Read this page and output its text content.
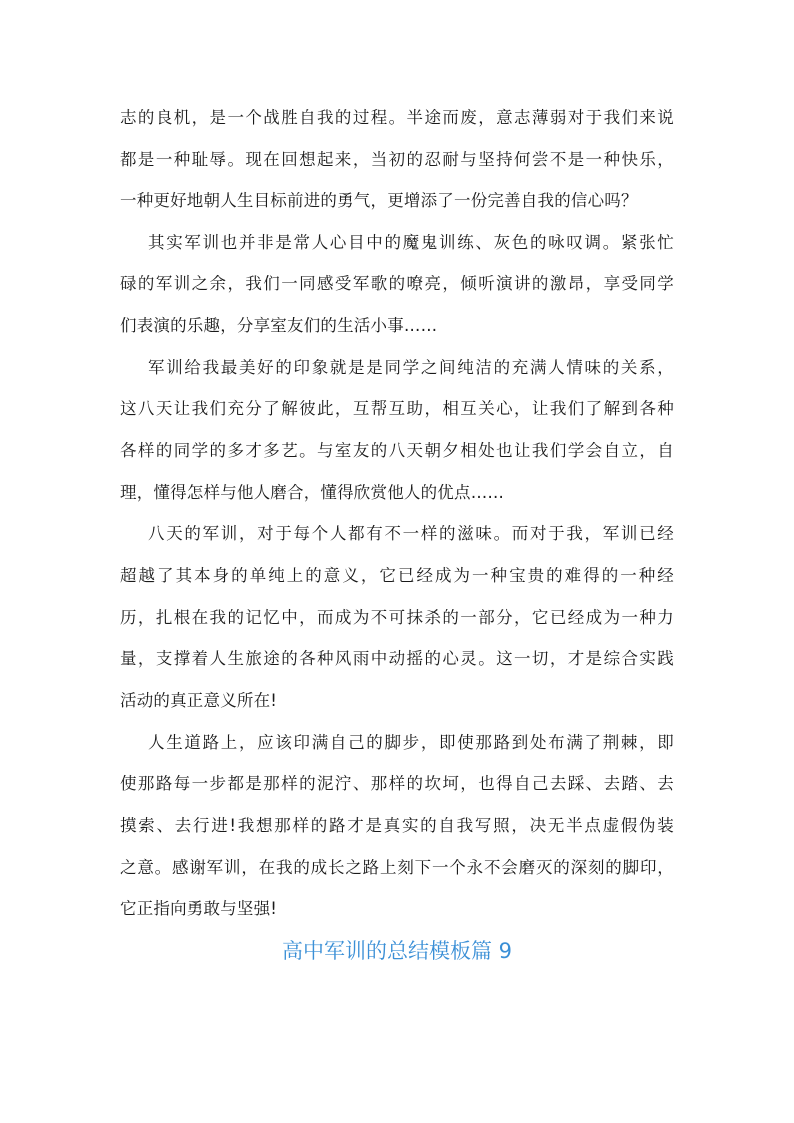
志的良机，是一个战胜自我的过程。半途而废，意志薄弱对于我们来说
都是一种耻辱。现在回想起来，当初的忍耐与坚持何尝不是一种快乐，
一种更好地朝人生目标前进的勇气，更增添了一份完善自我的信心吗？
其实军训也并非是常人心目中的魔鬼训练、灰色的咏叹调。紧张忙
碌的军训之余，我们一同感受军歌的嘹亮，倾听演讲的激昂，享受同学
们表演的乐趣，分享室友们的生活小事……
军训给我最美好的印象就是是同学之间纯洁的充满人情味的关系，
这八天让我们充分了解彼此，互帮互助，相互关心，让我们了解到各种
各样的同学的多才多艺。与室友的八天朝夕相处也让我们学会自立，自
理，懂得怎样与他人磨合，懂得欣赏他人的优点……
八天的军训，对于每个人都有不一样的滋味。而对于我，军训已经
超越了其本身的单纯上的意义，它已经成为一种宝贵的难得的一种经
历，扎根在我的记忆中，而成为不可抹杀的一部分，它已经成为一种力
量，支撑着人生旅途的各种风雨中动摇的心灵。这一切，才是综合实践
活动的真正意义所在!
人生道路上，应该印满自己的脚步，即使那路到处布满了荆棘，即
使那路每一步都是那样的泥泞、那样的坎坷，也得自己去踩、去踏、去
摸索、去行进!我想那样的路才是真实的自我写照，决无半点虚假伪装
之意。感谢军训，在我的成长之路上刻下一个永不会磨灭的深刻的脚印，
它正指向勇敢与坚强!
高中军训的总结模板篇 9
